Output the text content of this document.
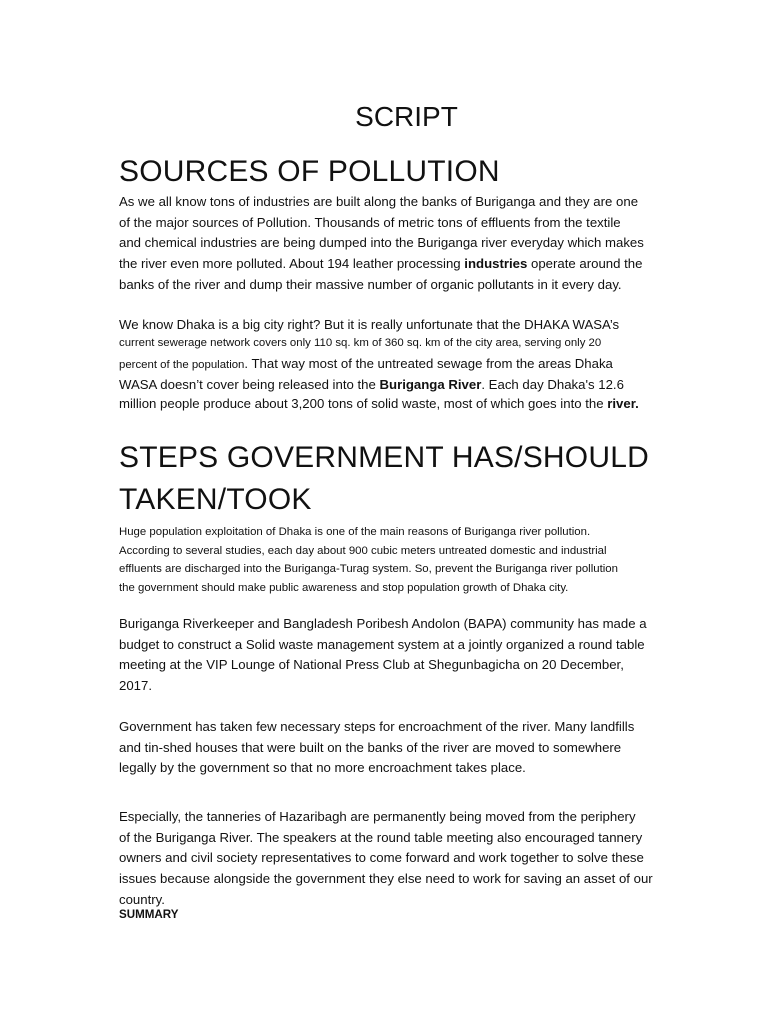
SCRIPT
SOURCES OF POLLUTION

As we all know tons of industries are built along the banks of Buriganga and they are one
of the major sources of Pollution. Thousands of metric tons of effluents from the textile
and chemical industries are being dumped into the Buriganga river everyday which makes
the river even more polluted. About 194 leather processing industries operate around the
banks of the river and dump their massive number of organic pollutants in it every day.

We know Dhaka is a big city right? But it is really unfortunate that the DHAKA WASA’s
current sewerage network covers only 110 sq. km of 360 sq. km of the city area, serving only 20
percent of the population. That way most of the untreated sewage from the areas Dhaka
WASA doesn’t cover being released into the Buriganga River. Each day Dhaka's 12.6
million people produce about 3,200 tons of solid waste, most of which goes into the river.

STEPS GOVERNMENT HAS/SHOULD
TAKEN/TOOK

Huge population exploitation of Dhaka is one of the main reasons of Buriganga river pollution.
According to several studies, each day about 900 cubic meters untreated domestic and industrial
effluents are discharged into the Buriganga-Turag system. So, prevent the Buriganga river pollution
the government should make public awareness and stop population growth of Dhaka city.

Buriganga Riverkeeper and Bangladesh Poribesh Andolon (BAPA) community has made a
budget to construct a Solid waste management system at a jointly organized a round table
meeting at the VIP Lounge of National Press Club at Shegunbagicha on 20 December,
2017.

Government has taken few necessary steps for encroachment of the river. Many landfills
and tin-shed houses that were built on the banks of the river are moved to somewhere
legally by the government so that no more encroachment takes place.

Especially, the tanneries of Hazaribagh are permanently being moved from the periphery
of the Buriganga River. The speakers at the round table meeting also encouraged tannery
owners and civil society representatives to come forward and work together to solve these
issues because alongside the government they else need to work for saving an asset of our
country.

SUMMARY
